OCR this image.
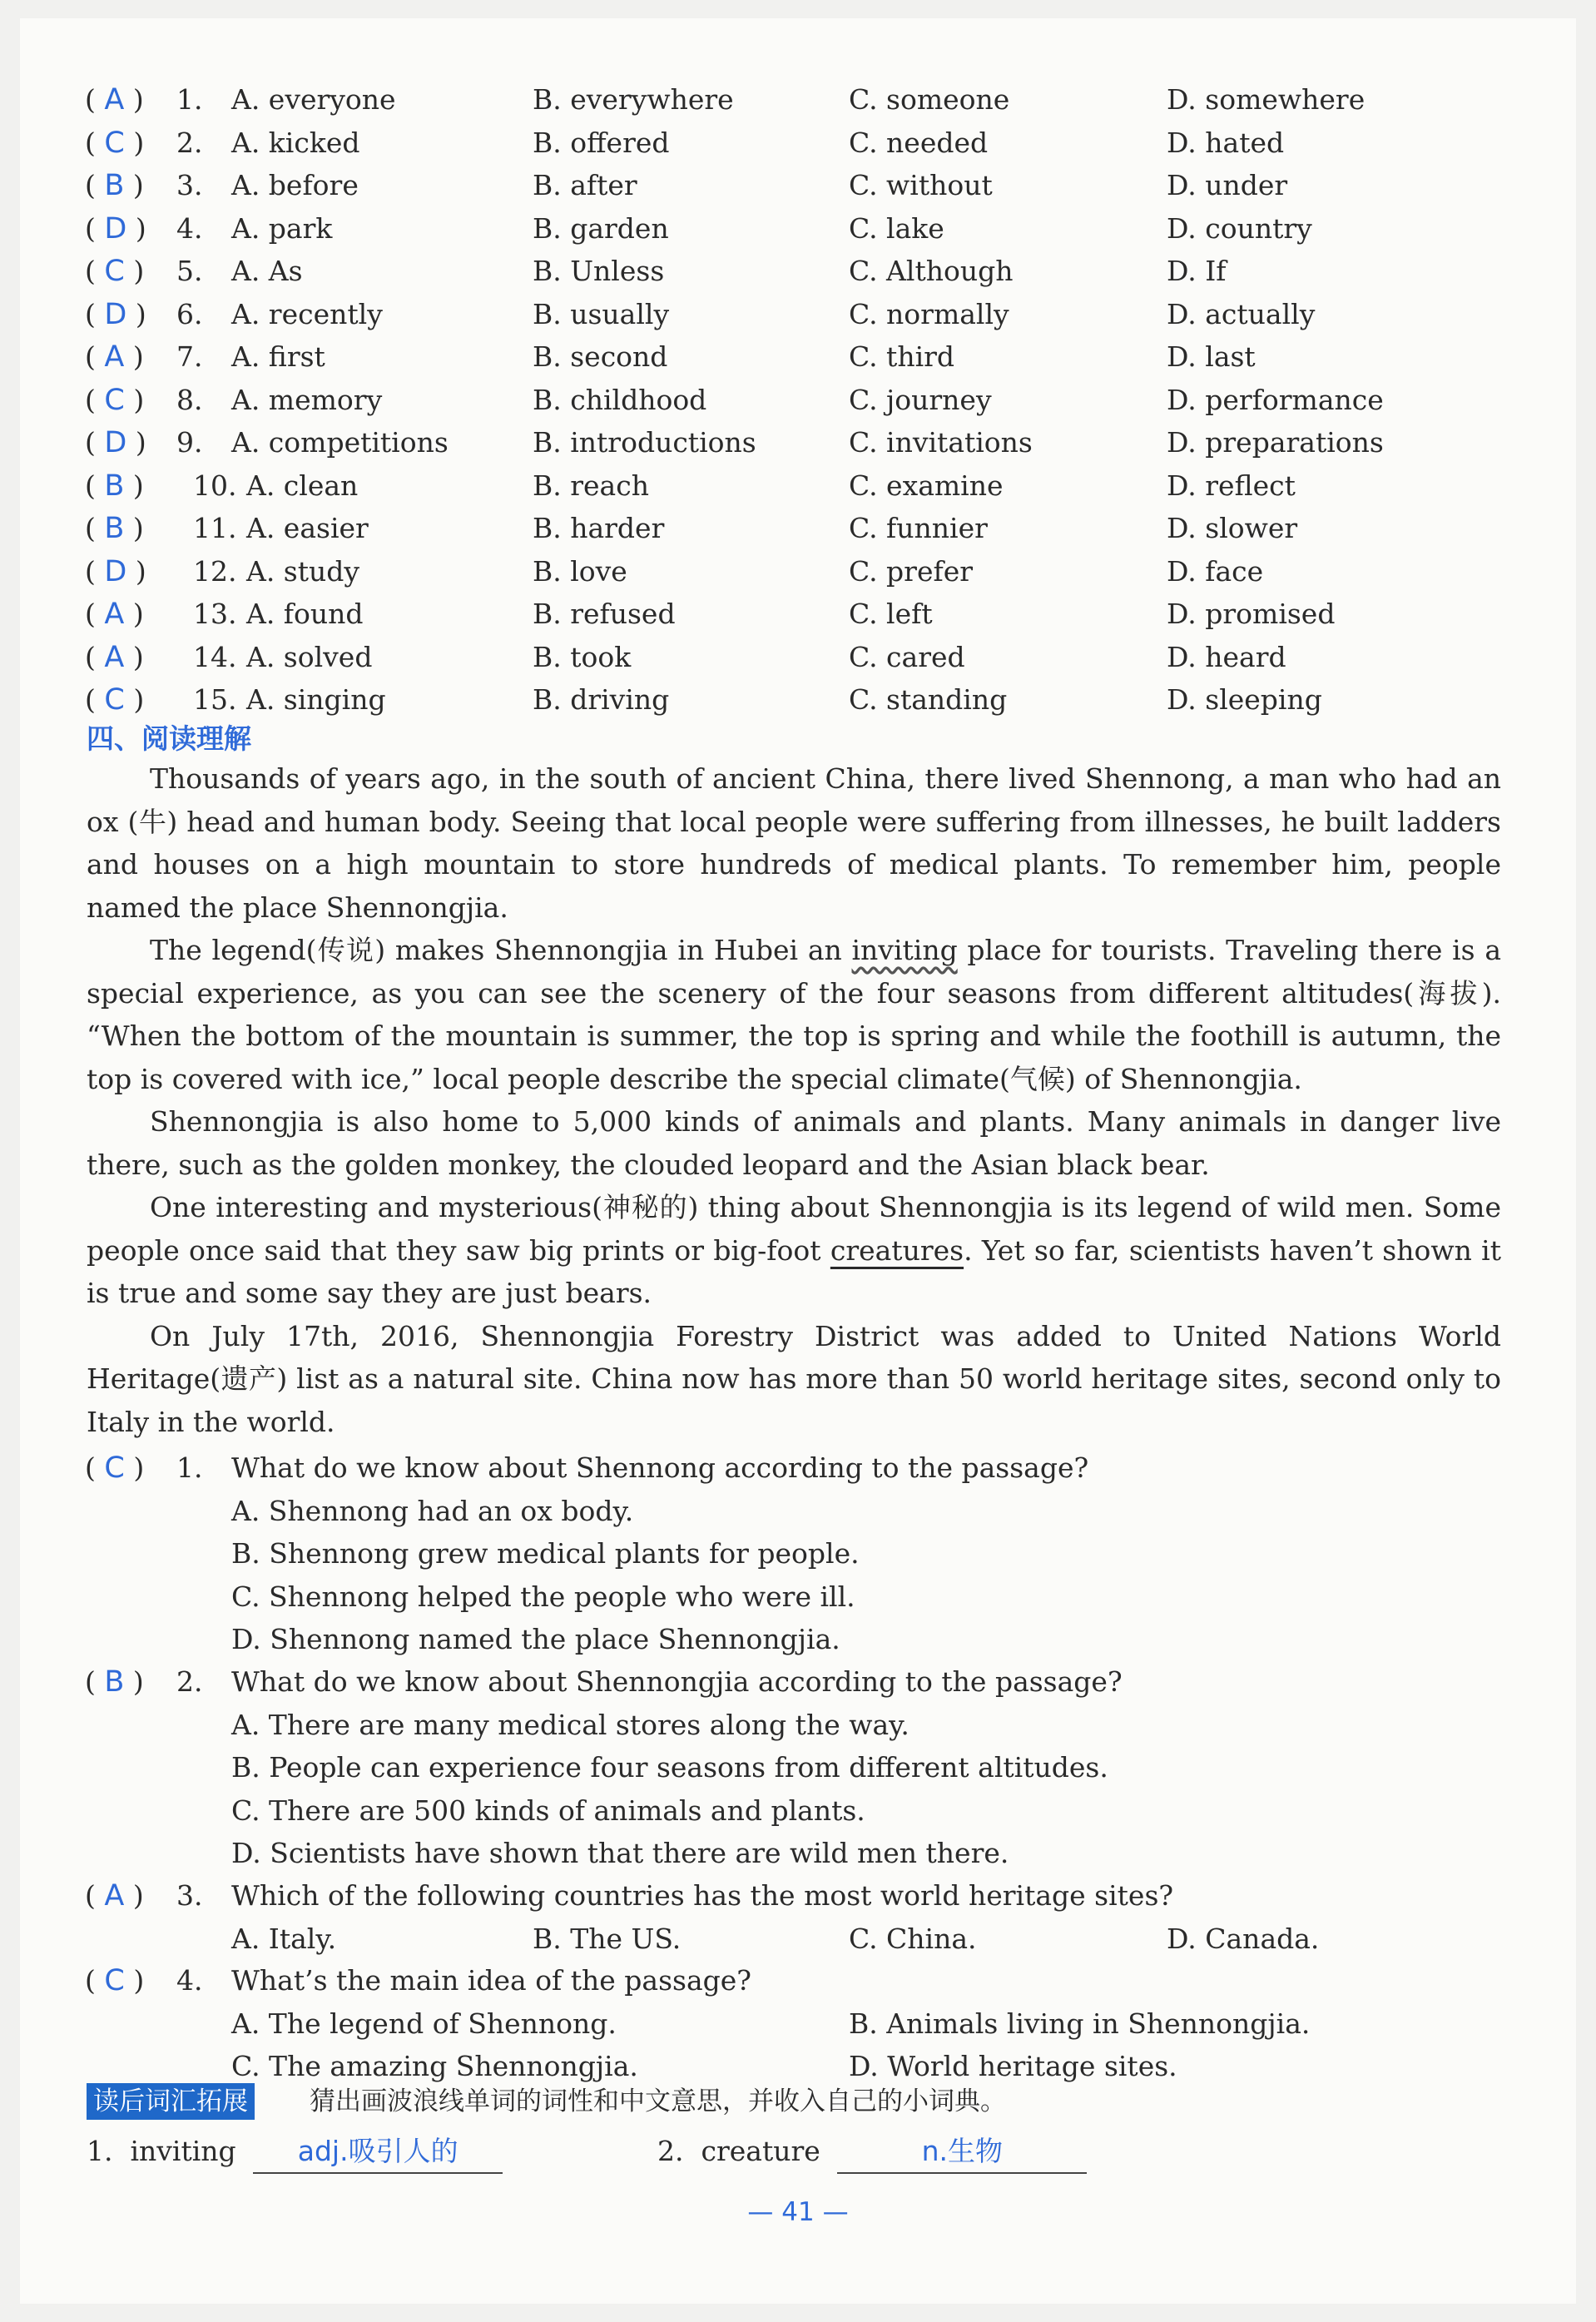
( A ) 1. A. everyone	B. everywhere	C. someone	D. somewhere
( C ) 2. A. kicked	B. offered	C. needed	D. hated
( B ) 3. A. before	B. after	C. without	D. under
( D ) 4. A. park	B. garden	C. lake	D. country
( C ) 5. A. As	B. Unless	C. Although	D. If
( D ) 6. A. recently	B. usually	C. normally	D. actually
( A ) 7. A. first	B. second	C. third	D. last
( C ) 8. A. memory	B. childhood	C. journey	D. performance
( D ) 9. A. competitions	B. introductions	C. invitations	D. preparations
( B ) 10. A. clean	B. reach	C. examine	D. reflect
( B ) 11. A. easier	B. harder	C. funnier	D. slower
( D ) 12. A. study	B. love	C. prefer	D. face
( A ) 13. A. found	B. refused	C. left	D. promised
( A ) 14. A. solved	B. took	C. cared	D. heard
( C ) 15. A. singing	B. driving	C. standing	D. sleeping
四、阅读理解

Thousands of years ago, in the south of ancient China, there lived Shennong, a man who had an ox (牛) head and human body. Seeing that local people were suffering from illnesses, he built ladders and houses on a high mountain to store hundreds of medical plants. To remember him, people named the place Shennongjia.

The legend(传说) makes Shennongjia in Hubei an inviting place for tourists. Traveling there is a special experience, as you can see the scenery of the four seasons from different altitudes(海拔). “When the bottom of the mountain is summer, the top is spring and while the foothill is autumn, the top is covered with ice,” local people describe the special climate(气候) of Shennongjia.

Shennongjia is also home to 5,000 kinds of animals and plants. Many animals in danger live there, such as the golden monkey, the clouded leopard and the Asian black bear.

One interesting and mysterious(神秘的) thing about Shennongjia is its legend of wild men. Some people once said that they saw big prints or big-foot creatures. Yet so far, scientists haven’t shown it is true and some say they are just bears.

On July 17th, 2016, Shennongjia Forestry District was added to United Nations World Heritage(遗产) list as a natural site. China now has more than 50 world heritage sites, second only to Italy in the world.

( C ) 1. What do we know about Shennong according to the passage?
A. Shennong had an ox body.
B. Shennong grew medical plants for people.
C. Shennong helped the people who were ill.
D. Shennong named the place Shennongjia.
( B ) 2. What do we know about Shennongjia according to the passage?
A. There are many medical stores along the way.
B. People can experience four seasons from different altitudes.
C. There are 500 kinds of animals and plants.
D. Scientists have shown that there are wild men there.
( A ) 3. Which of the following countries has the most world heritage sites?
A. Italy.	B. The US.	C. China.	D. Canada.
( C ) 4. What’s the main idea of the passage?
A. The legend of Shennong.	B. Animals living in Shennongjia.
C. The amazing Shennongjia.	D. World heritage sites.
读后词汇拓展 猜出画波浪线单词的词性和中文意思，并收入自己的小词典。
1. inviting adj.吸引人的	2. creature	n.生物
— 41 —
